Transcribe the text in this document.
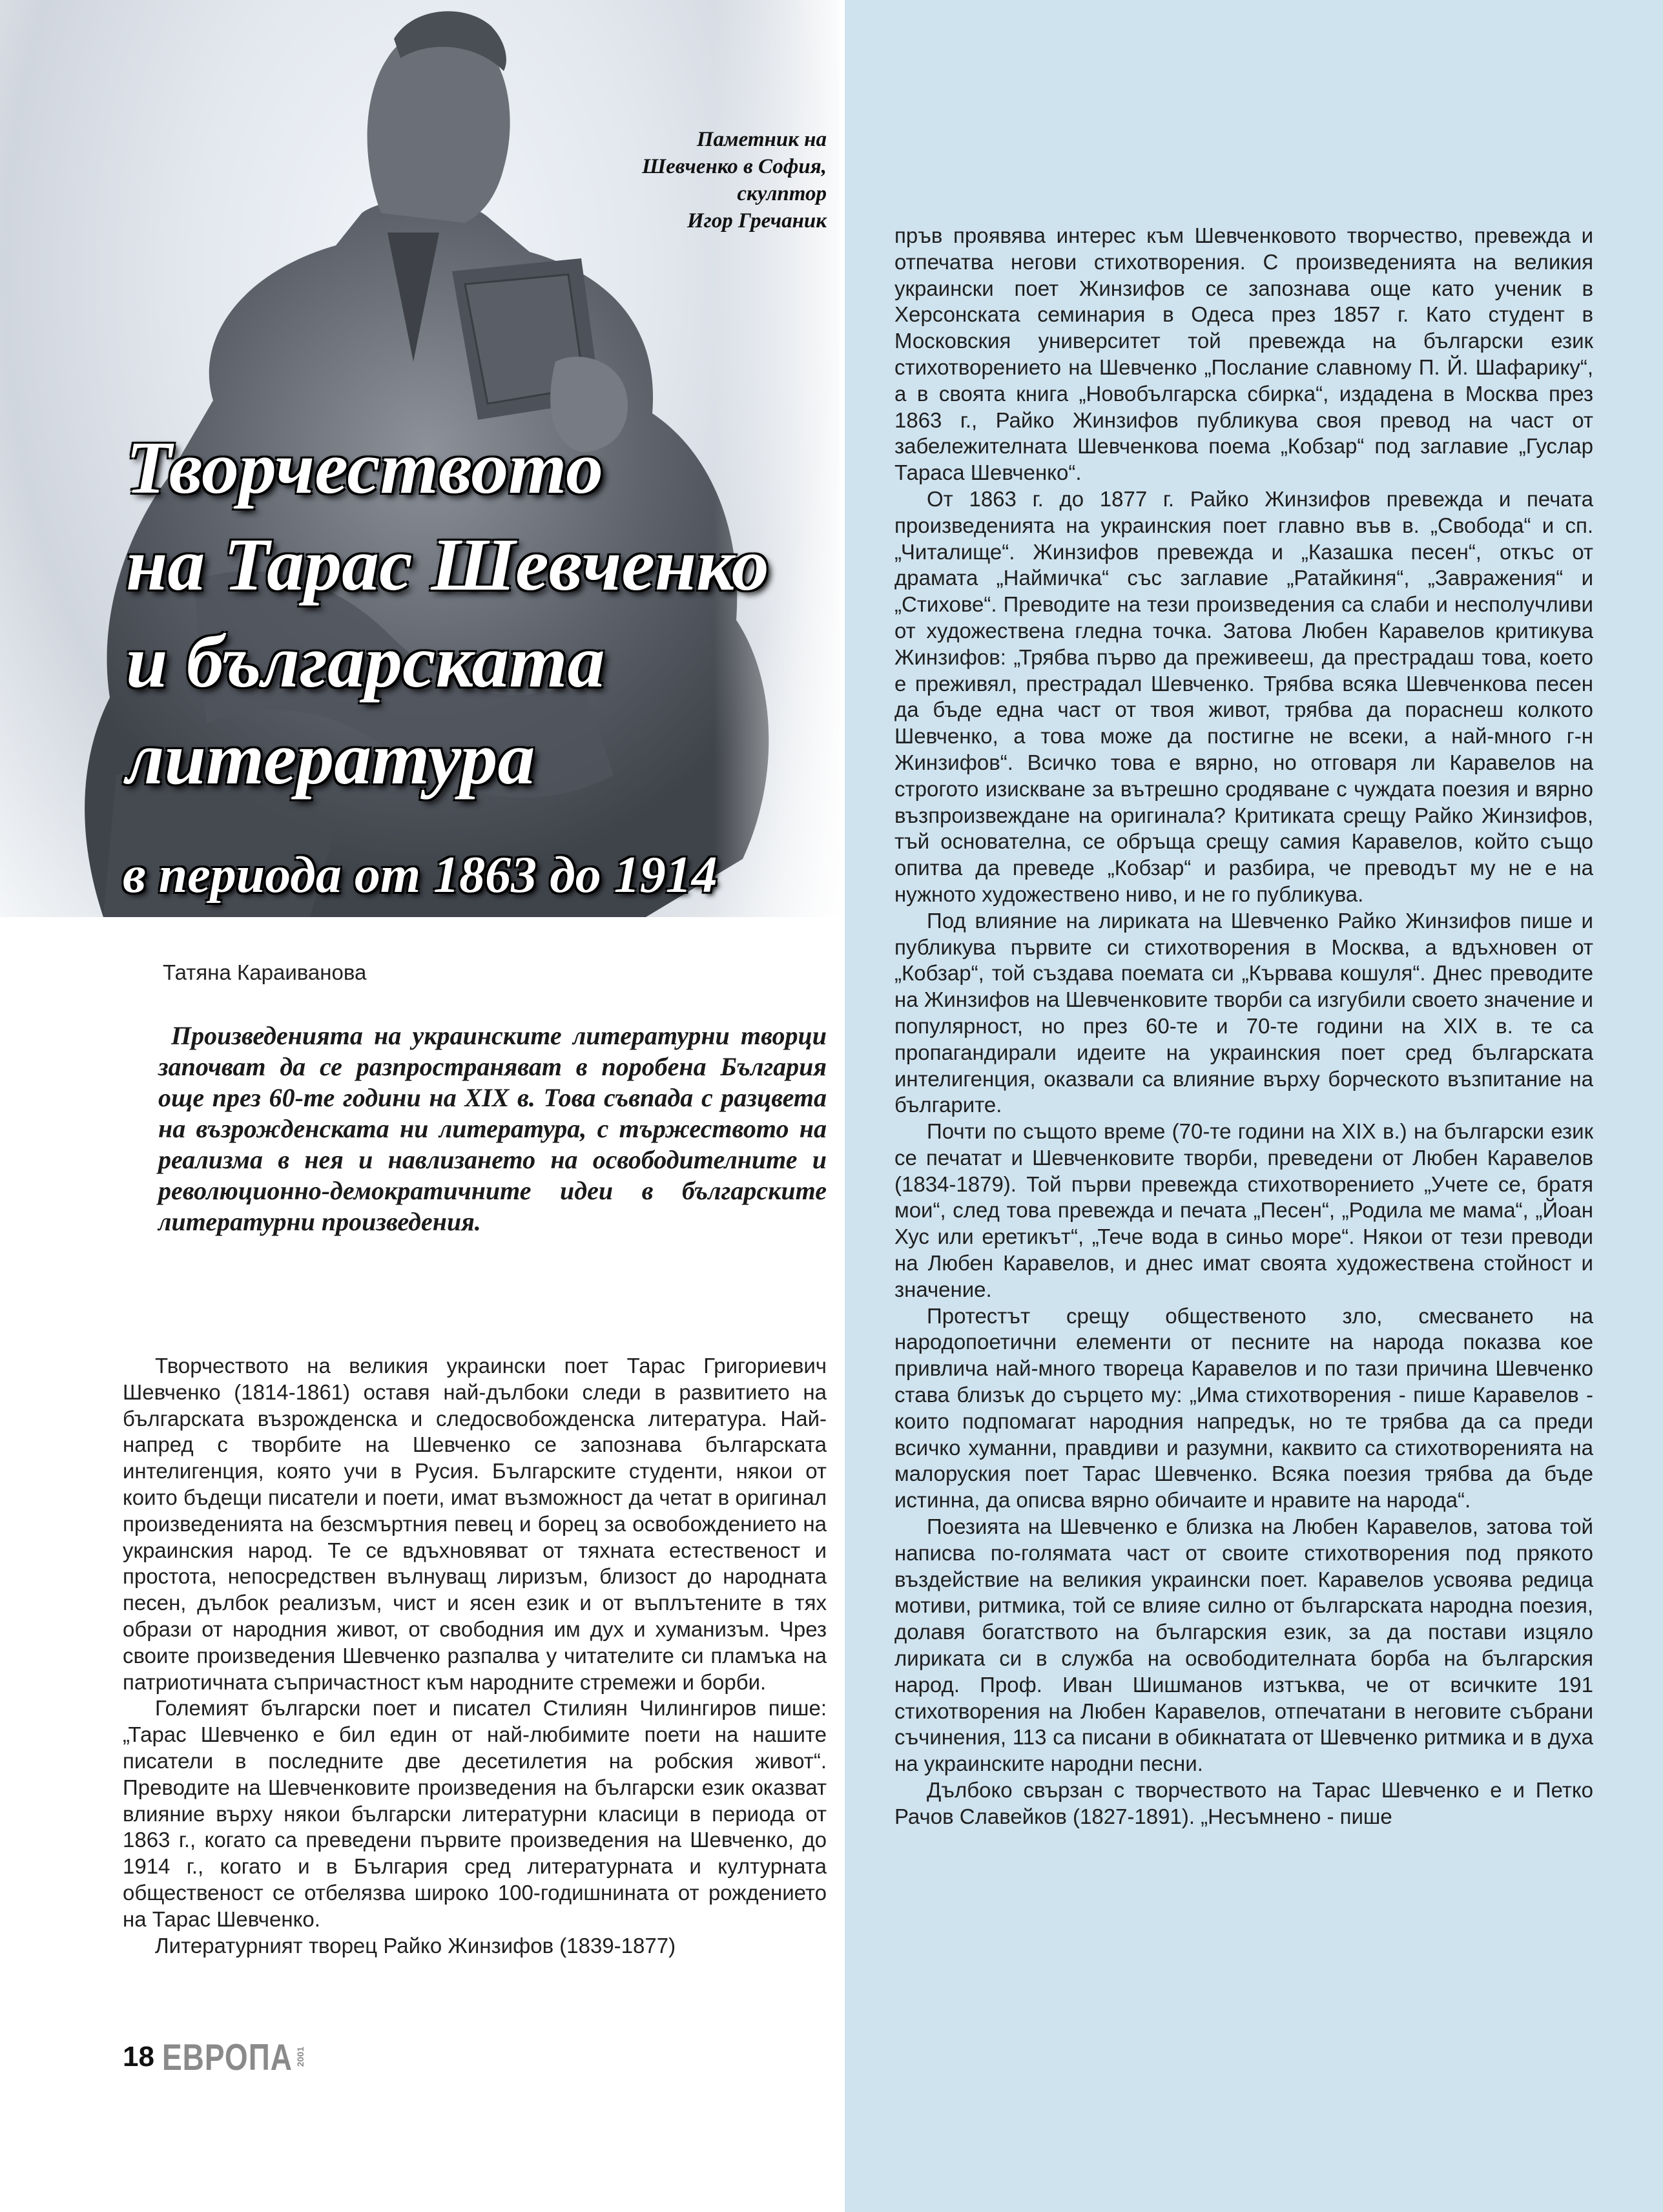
Паметник на
Шевченко в София,
скулптор
Игор Гречаник
Творчеството
на Тарас Шевченко
и българската
литература
в периода от 1863 до 1914
Татяна Караиванова
Произведенията на украинските литературни творци започват да се разпространяват в поробена България още през 60-те години на XIX в. Това съвпада с разцвета на възрожденската ни литература, с тържеството на реализма в нея и навлизането на освободителните и революционно-демократичните идеи в българските литературни произведения.

Творчеството на великия украински поет Тарас Григориевич Шевченко (1814-1861) оставя най-дълбоки следи в развитието на българската възрожденска и следосвобожденска литература. Най-напред с творбите на Шевченко се запознава българската интелигенция, която учи в Русия. Българските студенти, някои от които бъдещи писатели и поети, имат възможност да четат в оригинал произведенията на безсмъртния певец и борец за освобождението на украинския народ. Те се вдъхновяват от тяхната естественост и простота, непосредствен вълнуващ лиризъм, близост до народната песен, дълбок реализъм, чист и ясен език и от въплътените в тях образи от народния живот, от свободния им дух и хуманизъм. Чрез своите произведения Шевченко разпалва у читателите си пламъка на патриотичната съпричастност към народните стремежи и борби.

Големият български поет и писател Стилиян Чилингиров пише: „Тарас Шевченко е бил един от най-любимите поети на нашите писатели в последните две десетилетия на робския живот“. Преводите на Шевченковите произведения на български език оказват влияние върху някои български литературни класици в периода от 1863 г., когато са преведени първите произведения на Шевченко, до 1914 г., когато и в България сред литературната и културната общественост се отбелязва широко 100-годишнината от рождението на Тарас Шевченко.

Литературният творец Райко Жинзифов (1839-1877)

пръв проявява интерес към Шевченковото творчество, превежда и отпечатва негови стихотворения. С произведенията на великия украински поет Жинзифов се запознава още като ученик в Херсонската семинария в Одеса през 1857 г. Като студент в Московския университет той превежда на български език стихотворението на Шевченко „Послание славному П. Й. Шафарику“, а в своята книга „Новобългарска сбирка“, издадена в Москва през 1863 г., Райко Жинзифов публикува своя превод на част от забележителната Шевченкова поема „Кобзар“ под заглавие „Гуслар Тараса Шевченко“.

От 1863 г. до 1877 г. Райко Жинзифов превежда и печата произведенията на украинския поет главно във в. „Свобода“ и сп. „Читалище“. Жинзифов превежда и „Казашка песен“, откъс от драмата „Наймичка“ със заглавие „Ратайкиня“, „Завражения“ и „Стихове“. Преводите на тези произведения са слаби и несполучливи от художествена гледна точка. Затова Любен Каравелов критикува Жинзифов: „Трябва първо да преживееш, да престрадаш това, което е преживял, престрадал Шевченко. Трябва всяка Шевченкова песен да бъде една част от твоя живот, трябва да пораснеш колкото Шевченко, а това може да постигне не всеки, а най-много г-н Жинзифов“. Всичко това е вярно, но отговаря ли Каравелов на строгото изискване за вътрешно сродяване с чуждата поезия и вярно възпроизвеждане на оригинала? Критиката срещу Райко Жинзифов, тъй основателна, се обръща срещу самия Каравелов, който също опитва да преведе „Кобзар“ и разбира, че преводът му не е на нужното художествено ниво, и не го публикува.

Под влияние на лириката на Шевченко Райко Жинзифов пише и публикува първите си стихотворения в Москва, а вдъхновен от „Кобзар“, той създава поемата си „Кървава кошуля“. Днес преводите на Жинзифов на Шевченковите творби са изгубили своето значение и популярност, но през 60-те и 70-те години на XIX в. те са пропагандирали идеите на украинския поет сред българската интелигенция, оказвали са влияние върху борческото възпитание на българите.

Почти по същото време (70-те години на XIX в.) на български език се печатат и Шевченковите творби, преведени от Любен Каравелов (1834-1879). Той първи превежда стихотворението „Учете се, братя мои“, след това превежда и печата „Песен“, „Родила ме мама“, „Йоан Хус или еретикът“, „Тече вода в синьо море“. Някои от тези преводи на Любен Каравелов, и днес имат своята художествена стойност и значение.

Протестът срещу общественото зло, смесването на народопоетични елементи от песните на народа показва кое привлича най-много твореца Каравелов и по тази причина Шевченко става близък до сърцето му: „Има стихотворения - пише Каравелов - които подпомагат народния напредък, но те трябва да са преди всичко хуманни, правдиви и разумни, каквито са стихотворенията на малоруския поет Тарас Шевченко. Всяка поезия трябва да бъде истинна, да описва вярно обичаите и нравите на народа“.

Поезията на Шевченко е близка на Любен Каравелов, затова той написва по-голямата част от своите стихотворения под прякото въздействие на великия украински поет. Каравелов усвоява редица мотиви, ритмика, той се влияе силно от българската народна поезия, долавя богатството на българския език, за да постави изцяло лириката си в служба на освободителната борба на българския народ. Проф. Иван Шишманов изтъква, че от всичките 191 стихотворения на Любен Каравелов, отпечатани в неговите събрани съчинения, 113 са писани в обикнатата от Шевченко ритмика и в духа на украинските народни песни.

Дълбоко свързан с творчеството на Тарас Шевченко е и Петко Рачов Славейков (1827-1891). „Несъмнено - пише

18 ЕВРОПА 2001
